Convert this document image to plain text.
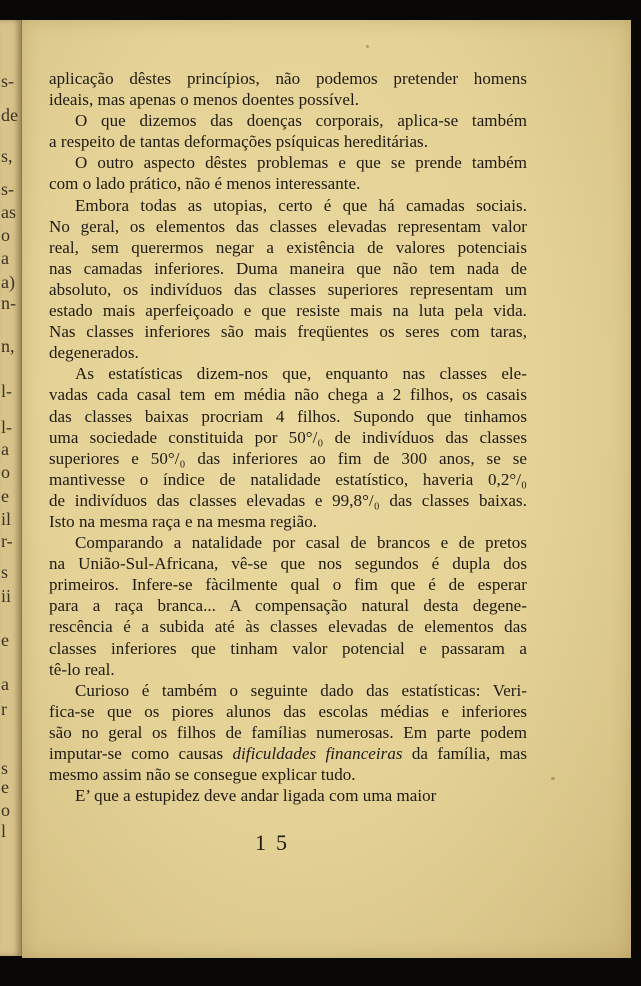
s-
de
s,
s-
as
o
a
a)
n-
n,
l-
l-
a
o
e
il
r-
s
ii
e
a
r
s
e
o
l
aplicação dêstes princípios, não podemos pretender homens
ideais, mas apenas o menos doentes possível.
O que dizemos das doenças corporais, aplica-se também
a respeito de tantas deformações psíquicas hereditárias.
O outro aspecto dêstes problemas e que se prende também
com o lado prático, não é menos interessante.
Embora todas as utopias, certo é que há camadas sociais.
No geral, os elementos das classes elevadas representam valor
real, sem querermos negar a existência de valores potenciais
nas camadas inferiores. Duma maneira que não tem nada de
absoluto, os indivíduos das classes superiores representam um
estado mais aperfeiçoado e que resiste mais na luta pela vida.
Nas classes inferiores são mais freqüentes os seres com taras,
degenerados.
As estatísticas dizem-nos que, enquanto nas classes ele-
vadas cada casal tem em média não chega a 2 filhos, os casais
das classes baixas procriam 4 filhos. Supondo que tinhamos
uma sociedade constituida por 50°/₀ de indivíduos das classes
superiores e 50°/₀ das inferiores ao fim de 300 anos, se se
mantivesse o índice de natalidade estatístico, haveria 0,2°/₀
de indivíduos das classes elevadas e 99,8°/₀ das classes baixas.
Isto na mesma raça e na mesma região.
Comparando a natalidade por casal de brancos e de pretos
na União-Sul-Africana, vê-se que nos segundos é dupla dos
primeiros. Infere-se fàcilmente qual o fim que é de esperar
para a raça branca... A compensação natural desta degene-
rescência é a subida até às classes elevadas de elementos das
classes inferiores que tinham valor potencial e passaram a
tê-lo real.
Curioso é também o seguinte dado das estatísticas: Veri-
fica-se que os piores alunos das escolas médias e inferiores
são no geral os filhos de famílias numerosas. Em parte podem
imputar-se como causas dificuldades financeiras da família, mas
mesmo assim não se consegue explicar tudo.
E’ que a estupidez deve andar ligada com uma maior
15
